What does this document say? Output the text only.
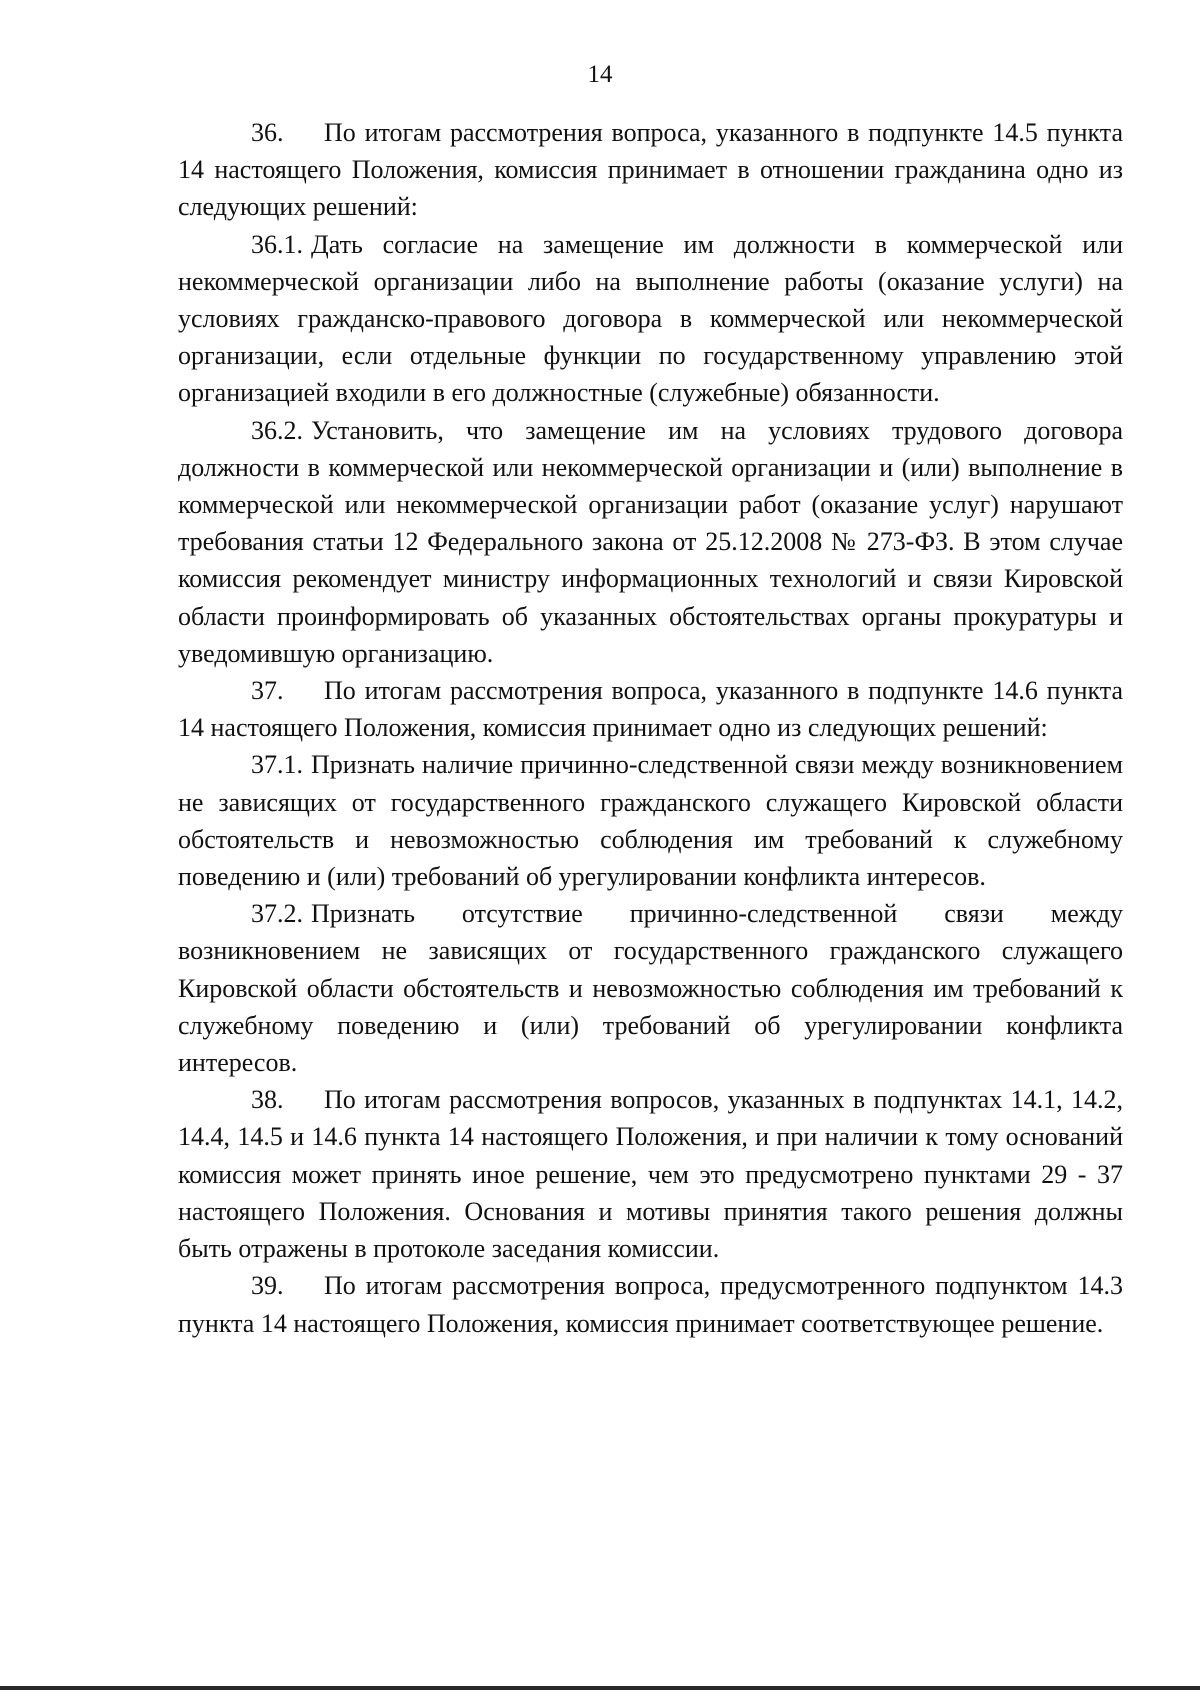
14

36. По итогам рассмотрения вопроса, указанного в подпункте 14.5 пункта 14 настоящего Положения, комиссия принимает в отношении гражданина одно из следующих решений:

36.1. Дать согласие на замещение им должности в коммерческой или некоммерческой организации либо на выполнение работы (оказание услуги) на условиях гражданско-правового договора в коммерческой или некоммерческой организации, если отдельные функции по государственному управлению этой организацией входили в его должностные (служебные) обязанности.

36.2. Установить, что замещение им на условиях трудового договора должности в коммерческой или некоммерческой организации и (или) выполнение в коммерческой или некоммерческой организации работ (оказание услуг) нарушают требования статьи 12 Федерального закона от 25.12.2008 № 273-ФЗ. В этом случае комиссия рекомендует министру информационных технологий и связи Кировской области проинформировать об указанных обстоятельствах органы прокуратуры и уведомившую организацию.

37. По итогам рассмотрения вопроса, указанного в подпункте 14.6 пункта 14 настоящего Положения, комиссия принимает одно из следующих решений:

37.1. Признать наличие причинно-следственной связи между возникновением не зависящих от государственного гражданского служащего Кировской области обстоятельств и невозможностью соблюдения им требований к служебному поведению и (или) требований об урегулировании конфликта интересов.

37.2. Признать отсутствие причинно-следственной связи между возникновением не зависящих от государственного гражданского служащего Кировской области обстоятельств и невозможностью соблюдения им требований к служебному поведению и (или) требований об урегулировании конфликта интересов.

38. По итогам рассмотрения вопросов, указанных в подпунктах 14.1, 14.2, 14.4, 14.5 и 14.6 пункта 14 настоящего Положения, и при наличии к тому оснований комиссия может принять иное решение, чем это предусмотрено пунктами 29 - 37 настоящего Положения. Основания и мотивы принятия такого решения должны быть отражены в протоколе заседания комиссии.

39. По итогам рассмотрения вопроса, предусмотренного подпунктом 14.3 пункта 14 настоящего Положения, комиссия принимает соответствующее решение.
